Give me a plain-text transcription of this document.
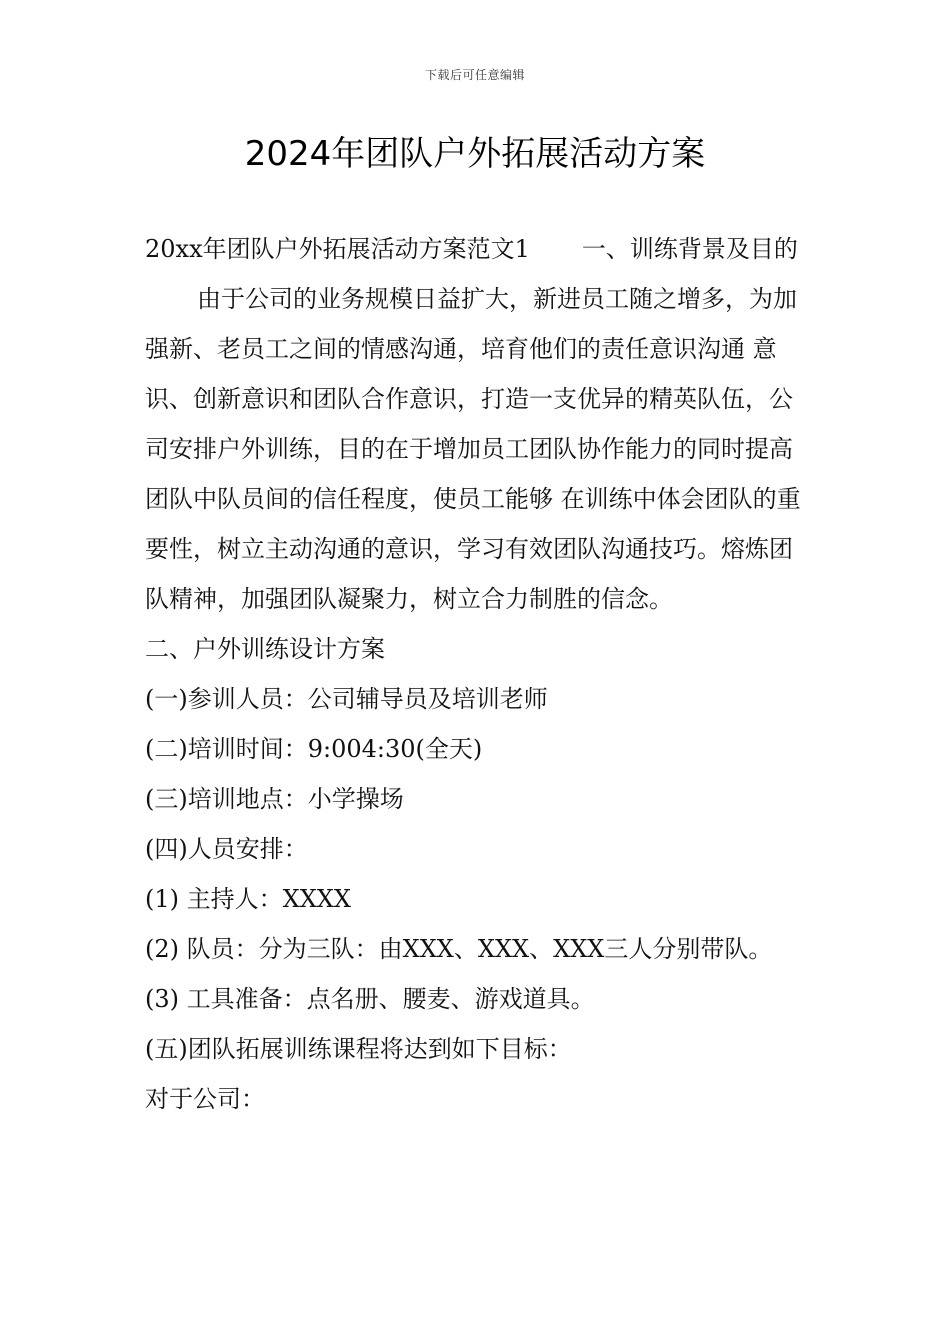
下载后可任意编辑
2024年团队户外拓展活动方案

20xx年团队户外拓展活动方案范文1 一、训练背景及目的

由于公司的业务规模日益扩大，新进员工随之增多，为加强新、老员工之间的情感沟通，培育他们的责任意识沟通 意识、创新意识和团队合作意识，打造一支优异的精英队伍，公司安排户外训练，目的在于增加员工团队协作能力的同时提高团队中队员间的信任程度，使员工能够 在训练中体会团队的重要性，树立主动沟通的意识，学习有效团队沟通技巧。熔炼团队精神，加强团队凝聚力，树立合力制胜的信念。

二、户外训练设计方案

(一)参训人员：公司辅导员及培训老师

(二)培训时间：9:004:30(全天)

(三)培训地点：小学操场

(四)人员安排：

(1) 主持人：XXXX

(2) 队员：分为三队：由XXX、XXX、XXX三人分别带队。

(3) 工具准备：点名册、腰麦、游戏道具。

(五)团队拓展训练课程将达到如下目标：

对于公司：
